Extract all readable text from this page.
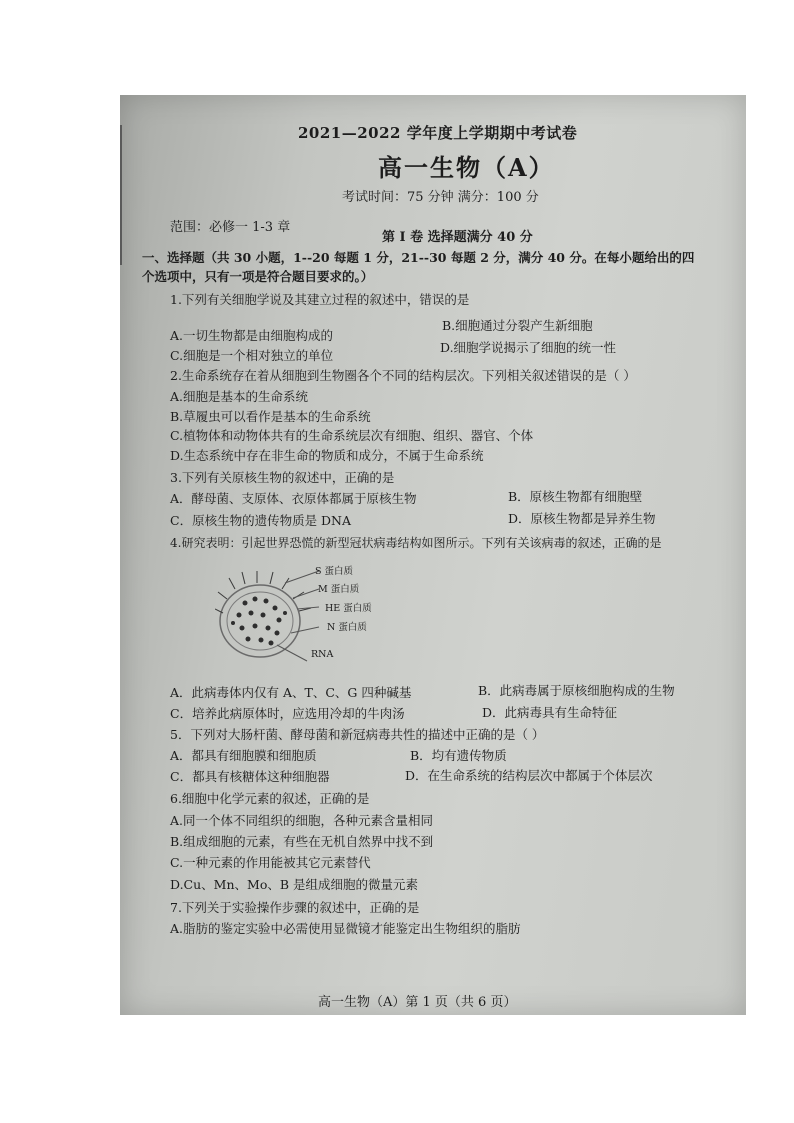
2021—2022 学年度上学期期中考试卷
高一生物（A）
考试时间：75 分钟 满分：100 分
范围：必修一 1-3 章
第 I 卷 选择题满分 40 分
一、选择题（共 30 小题，1--20 每题 1 分，21--30 每题 2 分，满分 40 分。在每小题给出的四
个选项中，只有一项是符合题目要求的。）
1.下列有关细胞学说及其建立过程的叙述中，错误的是
A.一切生物都是由细胞构成的
B.细胞通过分裂产生新细胞
C.细胞是一个相对独立的单位
D.细胞学说揭示了细胞的统一性
2.生命系统存在着从细胞到生物圈各个不同的结构层次。下列相关叙述错误的是（ ）
A.细胞是基本的生命系统
B.草履虫可以看作是基本的生命系统
C.植物体和动物体共有的生命系统层次有细胞、组织、器官、个体
D.生态系统中存在非生命的物质和成分，不属于生命系统
3.下列有关原核生物的叙述中，正确的是
A．酵母菌、支原体、衣原体都属于原核生物	B．原核生物都有细胞壁
C．原核生物的遗传物质是 DNA	D．原核生物都是异养生物
4.研究表明：引起世界恐慌的新型冠状病毒结构如图所示。下列有关该病毒的叙述，正确的是
S 蛋白质
M 蛋白质
HE 蛋白质
N 蛋白质
RNA
A．此病毒体内仅有 A、T、C、G 四种碱基	B．此病毒属于原核细胞构成的生物
C．培养此病原体时，应选用冷却的牛肉汤	D．此病毒具有生命特征
5．下列对大肠杆菌、酵母菌和新冠病毒共性的描述中正确的是（ ）
A．都具有细胞膜和细胞质	B．均有遗传物质
C．都具有核糖体这种细胞器	D．在生命系统的结构层次中都属于个体层次
6.细胞中化学元素的叙述，正确的是
A.同一个体不同组织的细胞，各种元素含量相同
B.组成细胞的元素，有些在无机自然界中找不到
C.一种元素的作用能被其它元素替代
D.Cu、Mn、Mo、B 是组成细胞的微量元素
7.下列关于实验操作步骤的叙述中，正确的是
A.脂肪的鉴定实验中必需使用显微镜才能鉴定出生物组织的脂肪
高一生物（A）第 1 页（共 6 页）
